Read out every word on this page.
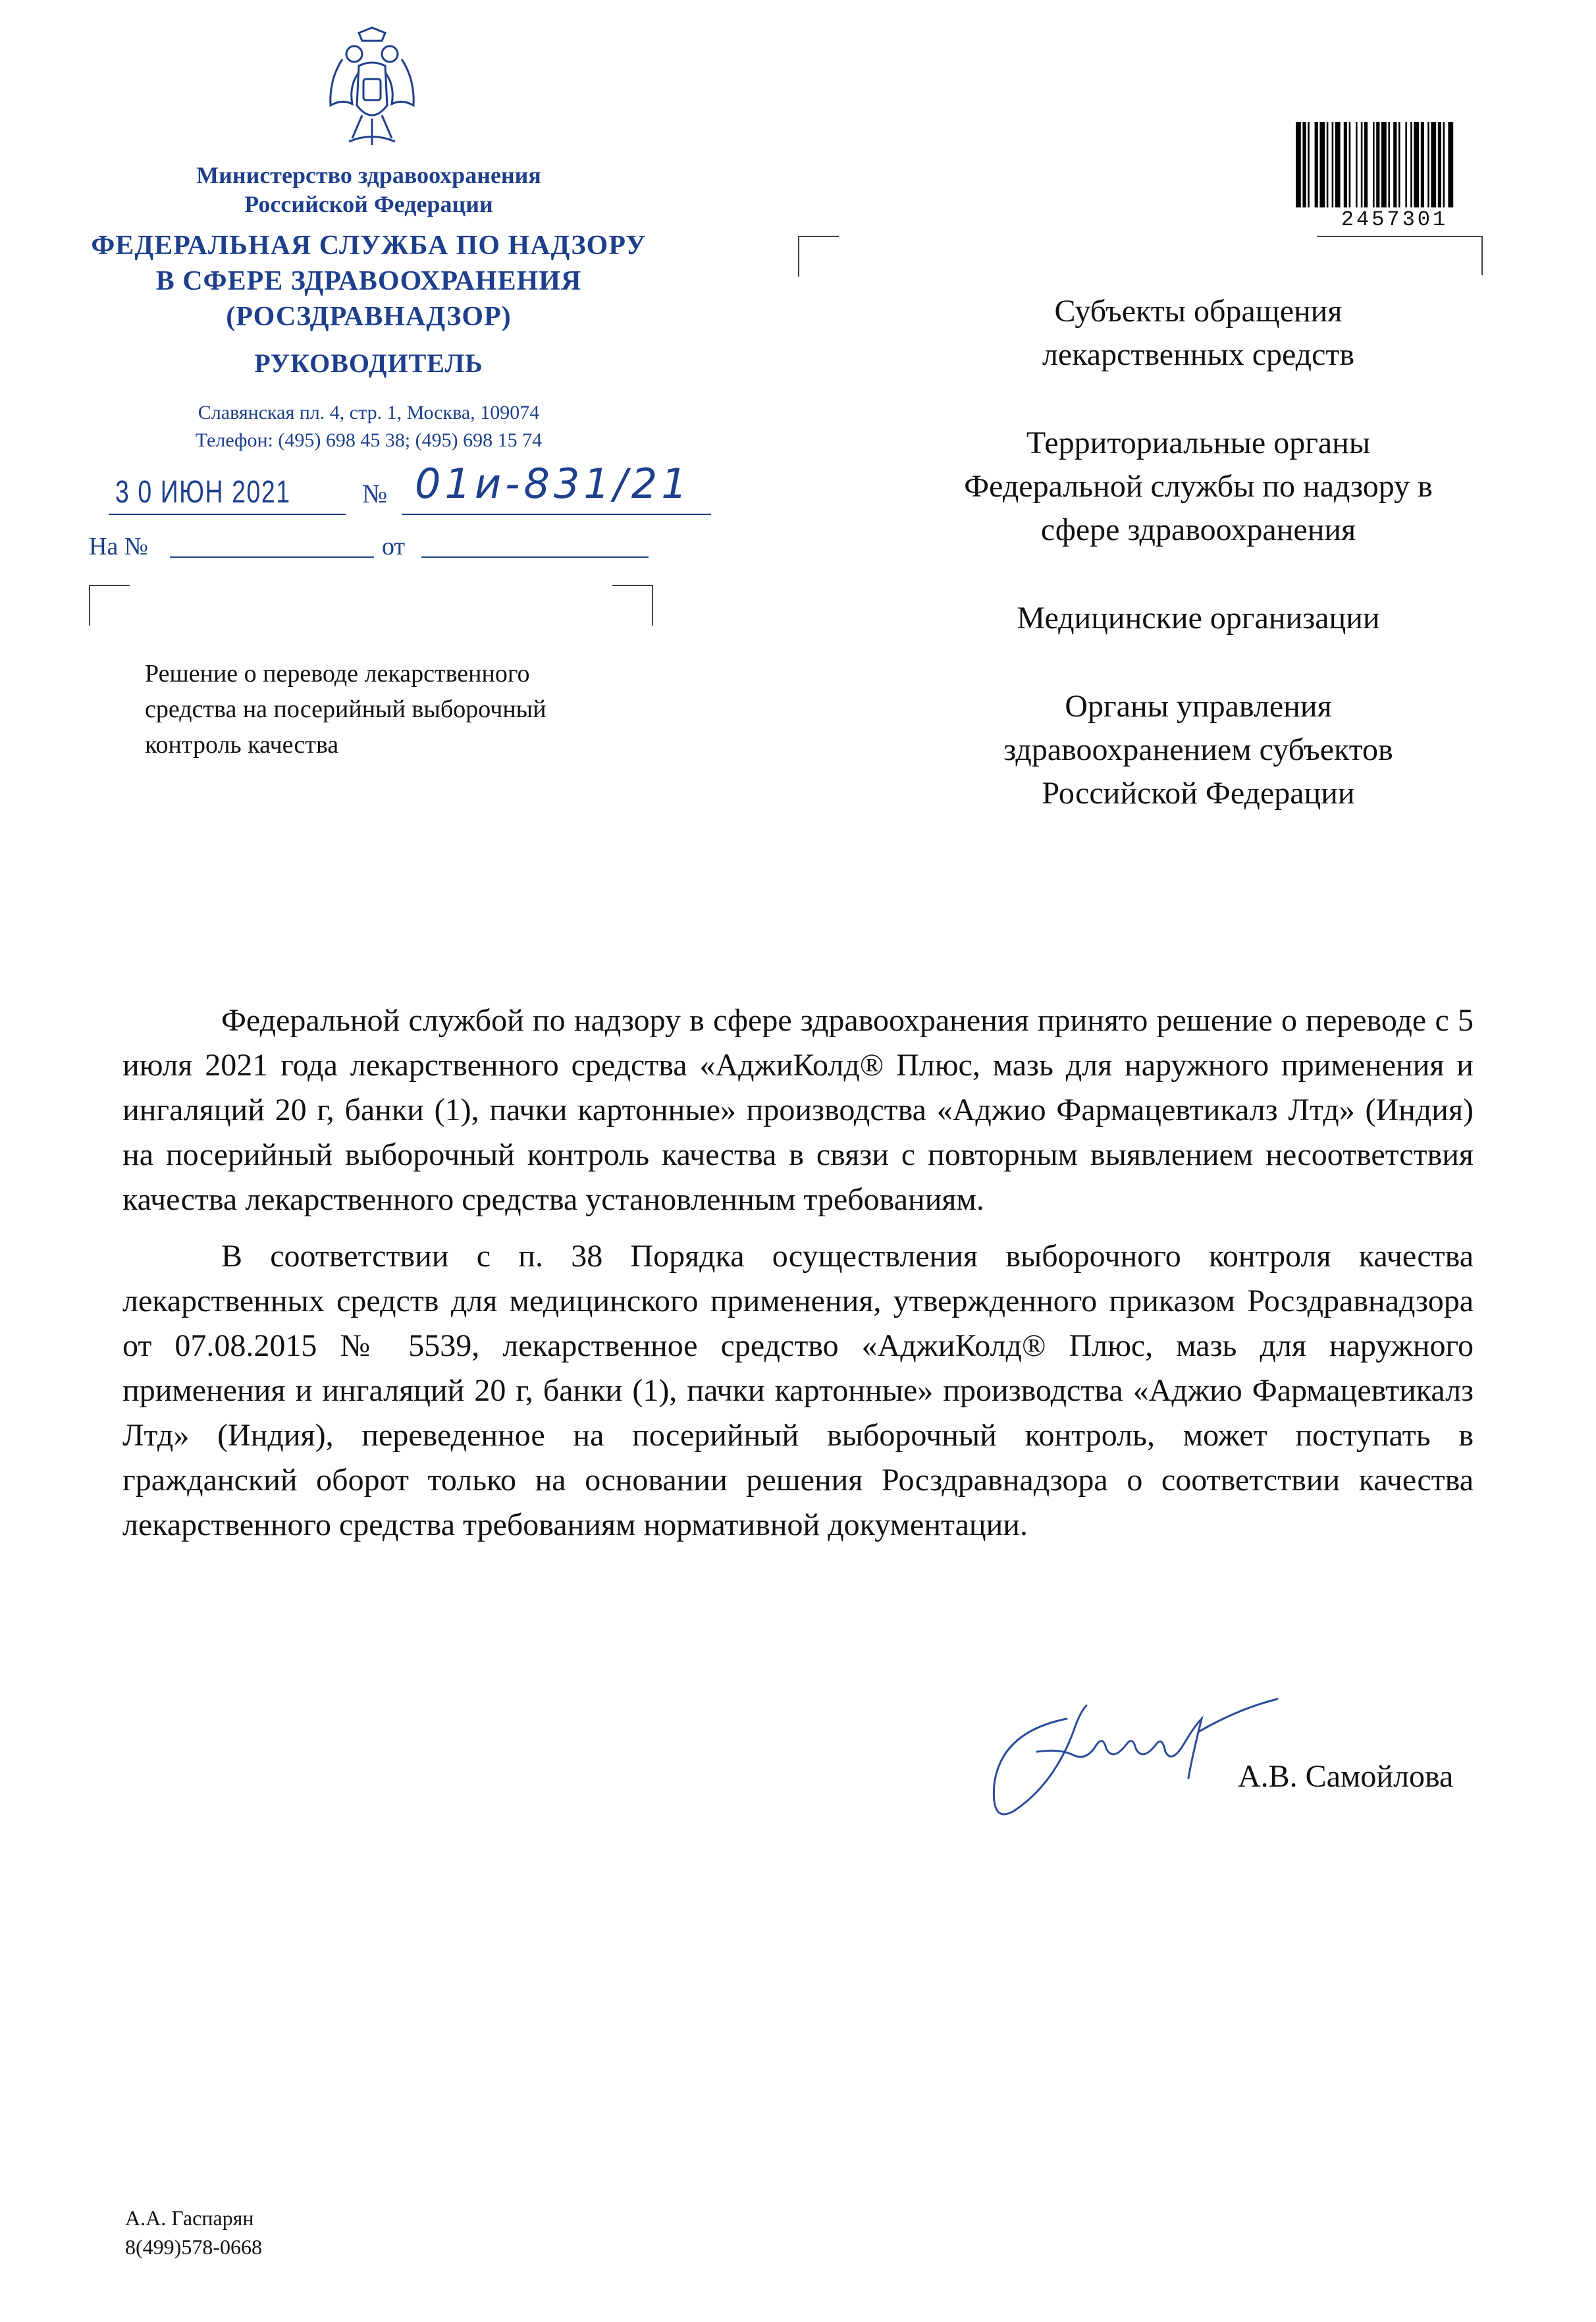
Министерство здравоохранения
Российской Федерации
ФЕДЕРАЛЬНАЯ СЛУЖБА ПО НАДЗОРУ
В СФЕРЕ ЗДРАВООХРАНЕНИЯ
(РОСЗДРАВНАДЗОР)
РУКОВОДИТЕЛЬ
Славянская пл. 4, стр. 1, Москва, 109074
Телефон: (495) 698 45 38; (495) 698 15 74
3 0 ИЮН 2021	№ 01и-831/21
На №	от
Решение о переводе лекарственного
средства на посерийный выборочный
контроль качества
2457301
Субъекты обращения
лекарственных средств
Территориальные органы
Федеральной службы по надзору в
сфере здравоохранения
Медицинские организации
Органы управления
здравоохранением субъектов
Российской Федерации

Федеральной службой по надзору в сфере здравоохранения принято решение о переводе с 5 июля 2021 года лекарственного средства «АджиКолд® Плюс, мазь для наружного применения и ингаляций 20 г, банки (1), пачки картонные» производства «Аджио Фармацевтикалз Лтд» (Индия) на посерийный выборочный контроль качества в связи с повторным выявлением несоответствия качества лекарственного средства установленным требованиям.

В соответствии с п. 38 Порядка осуществления выборочного контроля качества лекарственных средств для медицинского применения, утвержденного приказом Росздравнадзора от 07.08.2015 № 5539, лекарственное средство «АджиКолд® Плюс, мазь для наружного применения и ингаляций 20 г, банки (1), пачки картонные» производства «Аджио Фармацевтикалз Лтд» (Индия), переведенное на посерийный выборочный контроль, может поступать в гражданский оборот только на основании решения Росздравнадзора о соответствии качества лекарственного средства требованиям нормативной документации.

А.В. Самойлова
А.А. Гаспарян
8(499)578-0668
